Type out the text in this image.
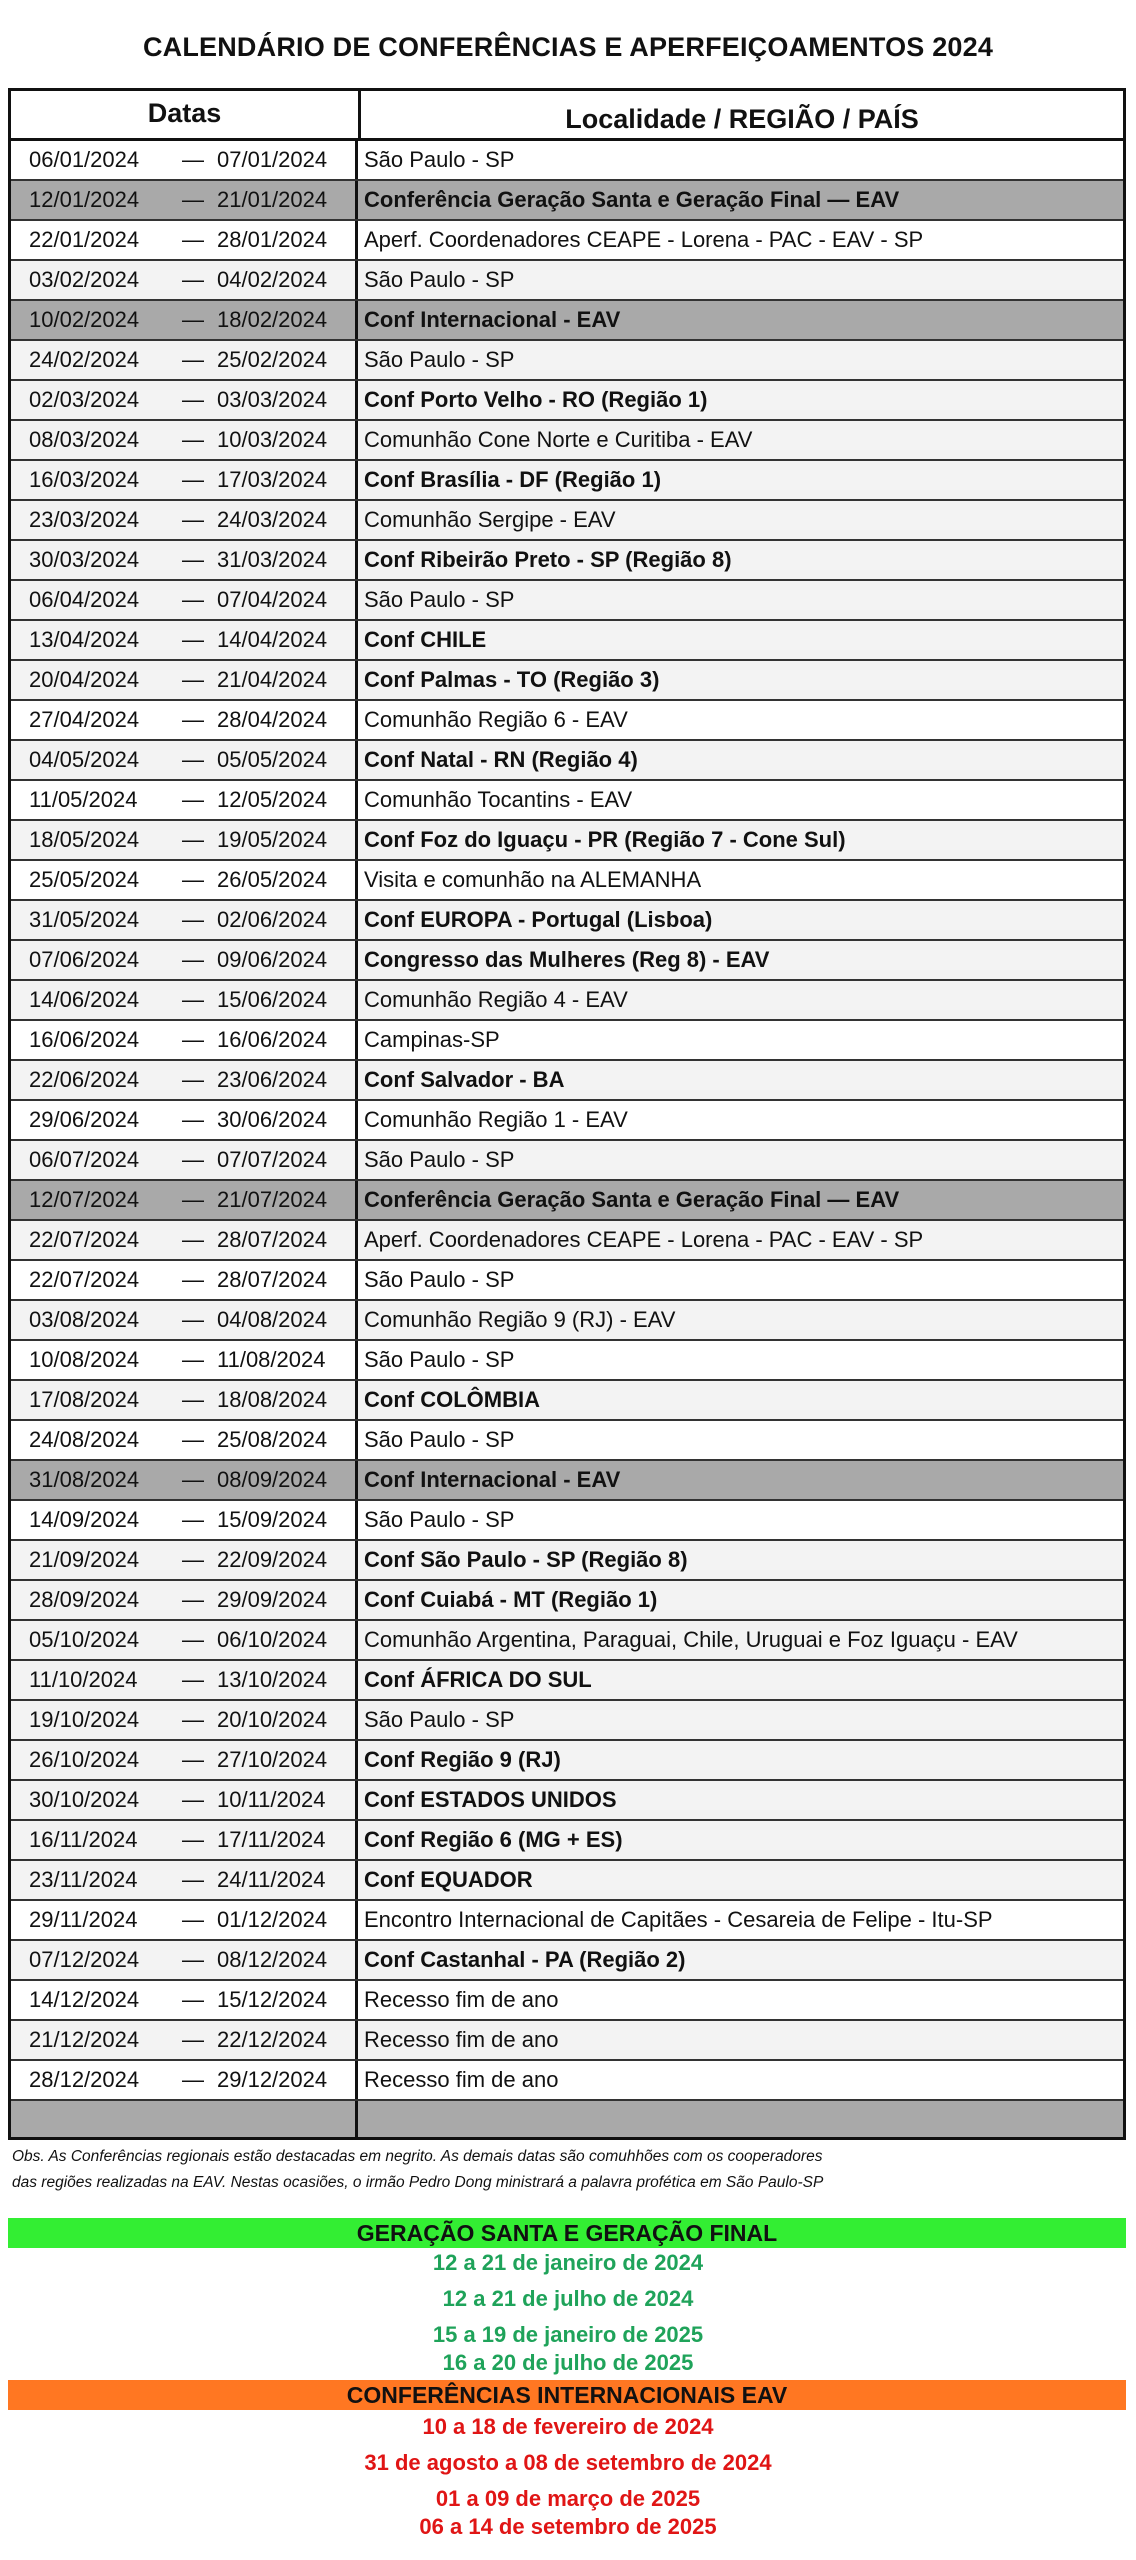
CALENDÁRIO DE CONFERÊNCIAS E APERFEIÇOAMENTOS 2024
Datas	Localidade / REGIÃO / PAÍS
06/01/2024	— 07/01/2024 São Paulo - SP
12/01/2024	— 21/01/2024 Conferência Geração Santa e Geração Final — EAV
22/01/2024	— 28/01/2024 Aperf. Coordenadores CEAPE - Lorena - PAC - EAV - SP
03/02/2024	— 04/02/2024 São Paulo - SP
10/02/2024	— 18/02/2024 Conf Internacional - EAV
24/02/2024	— 25/02/2024 São Paulo - SP
02/03/2024	— 03/03/2024 Conf Porto Velho - RO (Região 1)
08/03/2024	— 10/03/2024 Comunhão Cone Norte e Curitiba - EAV
16/03/2024	— 17/03/2024 Conf Brasília - DF (Região 1)
23/03/2024	— 24/03/2024 Comunhão Sergipe - EAV
30/03/2024	— 31/03/2024 Conf Ribeirão Preto - SP (Região 8)
06/04/2024	— 07/04/2024 São Paulo - SP
13/04/2024	— 14/04/2024 Conf CHILE
20/04/2024	— 21/04/2024 Conf Palmas - TO (Região 3)
27/04/2024	— 28/04/2024 Comunhão Região 6 - EAV
04/05/2024	— 05/05/2024 Conf Natal - RN (Região 4)
11/05/2024	— 12/05/2024 Comunhão Tocantins - EAV
18/05/2024	— 19/05/2024 Conf Foz do Iguaçu - PR (Região 7 - Cone Sul)
25/05/2024	— 26/05/2024 Visita e comunhão na ALEMANHA
31/05/2024	— 02/06/2024 Conf EUROPA - Portugal (Lisboa)
07/06/2024	— 09/06/2024 Congresso das Mulheres (Reg 8) - EAV
14/06/2024	— 15/06/2024 Comunhão Região 4 - EAV
16/06/2024	— 16/06/2024 Campinas-SP
22/06/2024	— 23/06/2024 Conf Salvador - BA
29/06/2024	— 30/06/2024 Comunhão Região 1 - EAV
06/07/2024	— 07/07/2024 São Paulo - SP
12/07/2024	— 21/07/2024 Conferência Geração Santa e Geração Final — EAV
22/07/2024	— 28/07/2024 Aperf. Coordenadores CEAPE - Lorena - PAC - EAV - SP
22/07/2024	— 28/07/2024 São Paulo - SP
03/08/2024	— 04/08/2024 Comunhão Região 9 (RJ) - EAV
10/08/2024	— 11/08/2024 São Paulo - SP
17/08/2024	— 18/08/2024 Conf COLÔMBIA
24/08/2024	— 25/08/2024 São Paulo - SP
31/08/2024	— 08/09/2024 Conf Internacional - EAV
14/09/2024	— 15/09/2024 São Paulo - SP
21/09/2024	— 22/09/2024 Conf São Paulo - SP (Região 8)
28/09/2024	— 29/09/2024 Conf Cuiabá - MT (Região 1)
05/10/2024	— 06/10/2024 Comunhão Argentina, Paraguai, Chile, Uruguai e Foz Iguaçu - EAV
11/10/2024	— 13/10/2024 Conf ÁFRICA DO SUL
19/10/2024	— 20/10/2024 São Paulo - SP
26/10/2024	— 27/10/2024 Conf Região 9 (RJ)
30/10/2024	— 10/11/2024 Conf ESTADOS UNIDOS
16/11/2024	— 17/11/2024 Conf Região 6 (MG + ES)
23/11/2024	— 24/11/2024 Conf EQUADOR
29/11/2024	— 01/12/2024 Encontro Internacional de Capitães - Cesareia de Felipe - Itu-SP
07/12/2024	— 08/12/2024 Conf Castanhal - PA (Região 2)
14/12/2024	— 15/12/2024 Recesso fim de ano
21/12/2024	— 22/12/2024 Recesso fim de ano
28/12/2024	— 29/12/2024 Recesso fim de ano
Obs. As Conferências regionais estão destacadas em negrito. As demais datas são comuhhões com os cooperadores
das regiões realizadas na EAV. Nestas ocasiões, o irmão Pedro Dong ministrará a palavra profética em São Paulo-SP
GERAÇÃO SANTA E GERAÇÃO FINAL
12 a 21 de janeiro de 2024
12 a 21 de julho de 2024
15 a 19 de janeiro de 2025
16 a 20 de julho de 2025
CONFERÊNCIAS INTERNACIONAIS EAV
10 a 18 de fevereiro de 2024
31 de agosto a 08 de setembro de 2024
01 a 09 de março de 2025
06 a 14 de setembro de 2025
